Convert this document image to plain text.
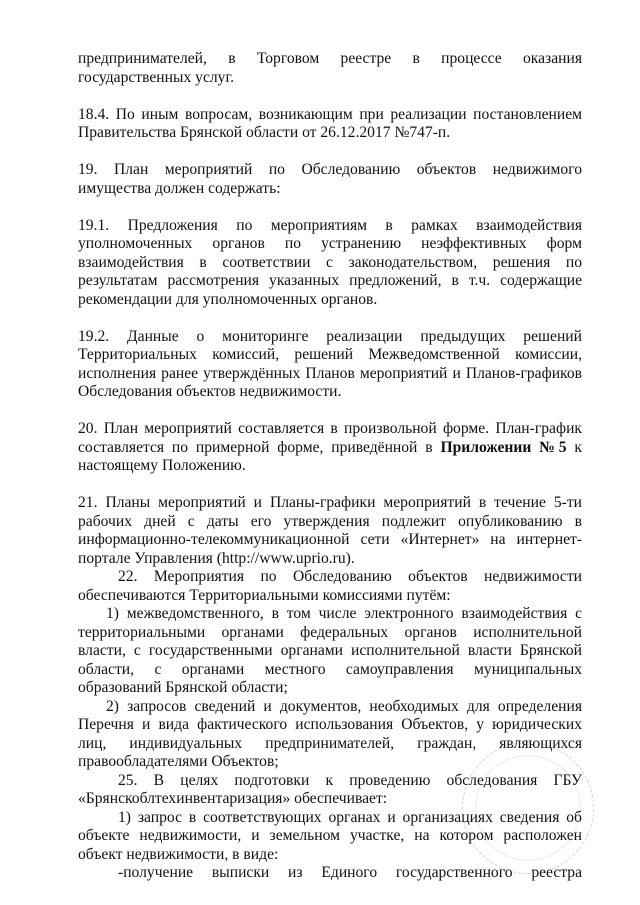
предпринимателей, в Торговом реестре в процессе оказания государственных услуг.

18.4. По иным вопросам, возникающим при реализации постановлением Правительства Брянской области от 26.12.2017 №747-п.

19. План мероприятий по Обследованию объектов недвижимого имущества должен содержать:

19.1. Предложения по мероприятиям в рамках взаимодействия уполномоченных органов по устранению неэффективных форм взаимодействия в соответствии с законодательством, решения по результатам рассмотрения указанных предложений, в т.ч. содержащие рекомендации для уполномоченных органов.

19.2. Данные о мониторинге реализации предыдущих решений Территориальных комиссий, решений Межведомственной комиссии, исполнения ранее утверждённых Планов мероприятий и Планов-графиков Обследования объектов недвижимости.

20. План мероприятий составляется в произвольной форме. План-график составляется по примерной форме, приведённой в Приложении №5 к настоящему Положению.

21. Планы мероприятий и Планы-графики мероприятий в течение 5-ти рабочих дней с даты его утверждения подлежит опубликованию в информационно-телекоммуникационной сети «Интернет» на интернет-портале Управления (http://www.uprio.ru).

22. Мероприятия по Обследованию объектов недвижимости обеспечиваются Территориальными комиссиями путём:

1) межведомственного, в том числе электронного взаимодействия с территориальными органами федеральных органов исполнительной власти, с государственными органами исполнительной власти Брянской области, с органами местного самоуправления муниципальных образований Брянской области;

2) запросов сведений и документов, необходимых для определения Перечня и вида фактического использования Объектов, у юридических лиц, индивидуальных предпринимателей, граждан, являющихся правообладателями Объектов;

25. В целях подготовки к проведению обследования ГБУ «Брянскоблтехинвентаризация» обеспечивает:

1) запрос в соответствующих органах и организациях сведения об объекте недвижимости, и земельном участке, на котором расположен объект недвижимости, в виде:

-получение выписки из Единого государственного реестра
